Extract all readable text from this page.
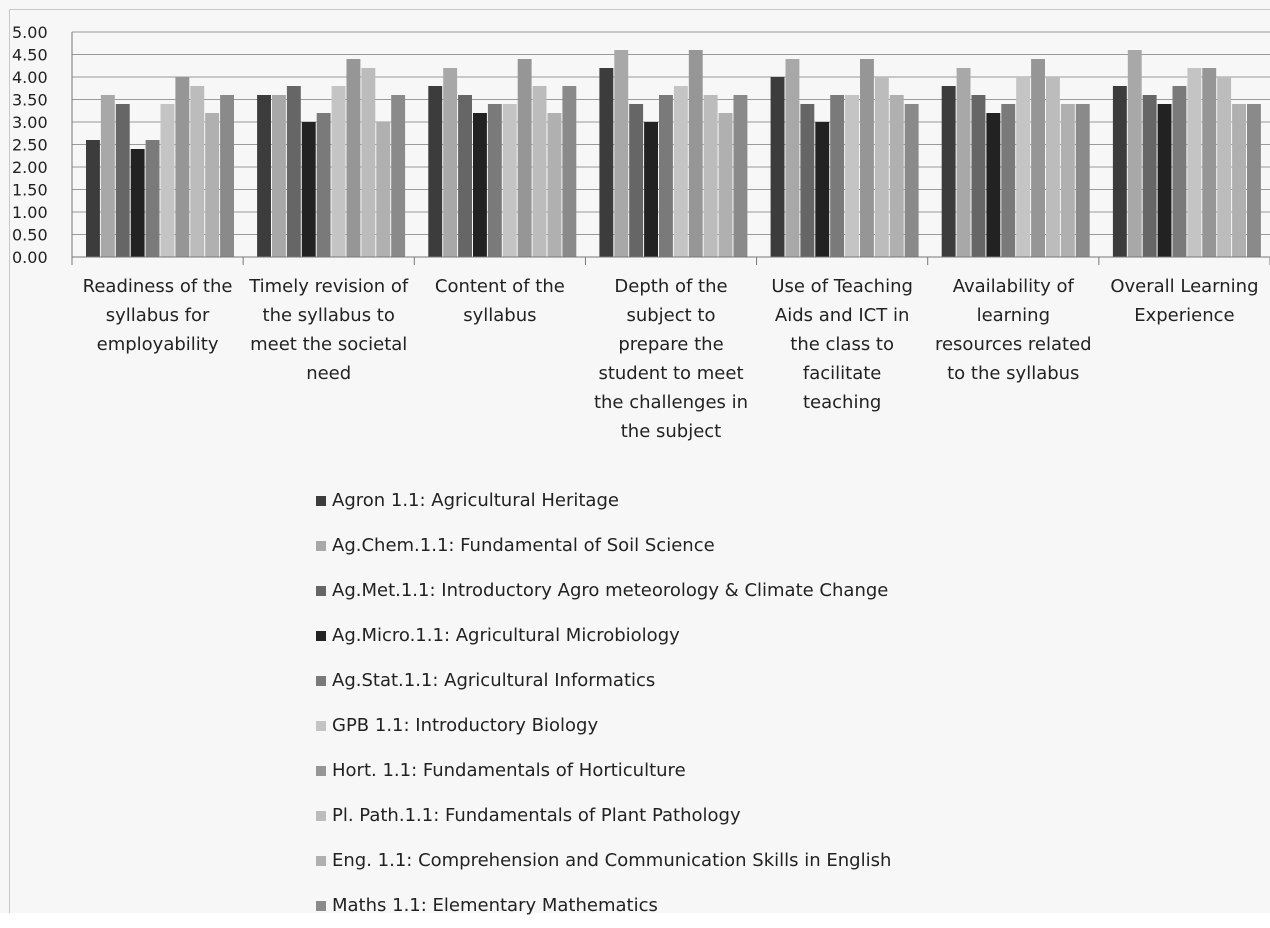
0.00
0.50
1.00
1.50
2.00
2.50
3.00
3.50
4.00
4.50
5.00
Readiness of the
syllabus for
employability
Timely revision of
the syllabus to
meet the societal
need
Content of the
syllabus
Depth of the
subject to
prepare the
student to meet
the challenges in
the subject
Use of Teaching
Aids and ICT in
the class to
facilitate
teaching
Availability of
learning
resources related
to the syllabus
Overall Learning
Experience
Agron 1.1: Agricultural Heritage
Ag.Chem.1.1: Fundamental of Soil Science
Ag.Met.1.1: Introductory Agro meteorology & Climate Change
Ag.Micro.1.1: Agricultural Microbiology
Ag.Stat.1.1: Agricultural Informatics
GPB 1.1: Introductory Biology
Hort. 1.1: Fundamentals of Horticulture
Pl. Path.1.1: Fundamentals of Plant Pathology
Eng. 1.1: Comprehension and Communication Skills in English
Maths 1.1: Elementary Mathematics
